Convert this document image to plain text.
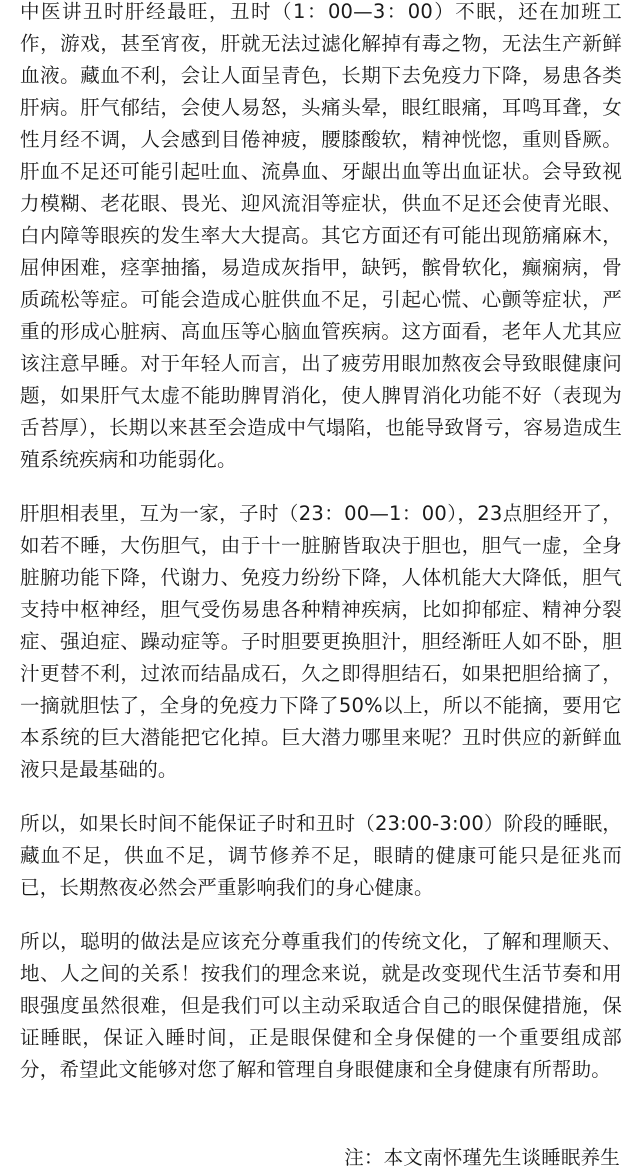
中医讲丑时肝经最旺，丑时（1：00—3：00）不眠，还在加班工作，游戏，甚至宵夜，肝就无法过滤化解掉有毒之物，无法生产新鲜血液。藏血不利，会让人面呈青色，长期下去免疫力下降，易患各类肝病。肝气郁结，会使人易怒，头痛头晕，眼红眼痛，耳鸣耳聋，女性月经不调，人会感到目倦神疲，腰膝酸软，精神恍惚，重则昏厥。肝血不足还可能引起吐血、流鼻血、牙龈出血等出血证状。会导致视力模糊、老花眼、畏光、迎风流泪等症状，供血不足还会使青光眼、白内障等眼疾的发生率大大提高。其它方面还有可能出现筋痛麻木，屈伸困难，痉挛抽搐，易造成灰指甲，缺钙，髌骨软化，癫痫病，骨质疏松等症。可能会造成心脏供血不足，引起心慌、心颤等症状，严重的形成心脏病、高血压等心脑血管疾病。这方面看，老年人尤其应该注意早睡。对于年轻人而言，出了疲劳用眼加熬夜会导致眼健康问题，如果肝气太虚不能助脾胃消化，使人脾胃消化功能不好（表现为舌苔厚），长期以来甚至会造成中气塌陷，也能导致肾亏，容易造成生殖系统疾病和功能弱化。

肝胆相表里，互为一家，子时（23：00—1：00），23点胆经开了，如若不睡，大伤胆气，由于十一脏腑皆取决于胆也，胆气一虚，全身脏腑功能下降，代谢力、免疫力纷纷下降，人体机能大大降低，胆气支持中枢神经，胆气受伤易患各种精神疾病，比如抑郁症、精神分裂症、强迫症、躁动症等。子时胆要更换胆汁，胆经渐旺人如不卧，胆汁更替不利，过浓而结晶成石，久之即得胆结石，如果把胆给摘了，一摘就胆怯了，全身的免疫力下降了50%以上，所以不能摘，要用它本系统的巨大潜能把它化掉。巨大潜力哪里来呢？丑时供应的新鲜血液只是最基础的。

所以，如果长时间不能保证子时和丑时（23:00-3:00）阶段的睡眠，藏血不足，供血不足，调节修养不足，眼睛的健康可能只是征兆而已，长期熬夜必然会严重影响我们的身心健康。

所以，聪明的做法是应该充分尊重我们的传统文化，了解和理顺天、地、人之间的关系！按我们的理念来说，就是改变现代生活节奏和用眼强度虽然很难，但是我们可以主动采取适合自己的眼保健措施，保证睡眠，保证入睡时间，正是眼保健和全身保健的一个重要组成部分，希望此文能够对您了解和管理自身眼健康和全身健康有所帮助。

注：本文南怀瑾先生谈睡眠养生
